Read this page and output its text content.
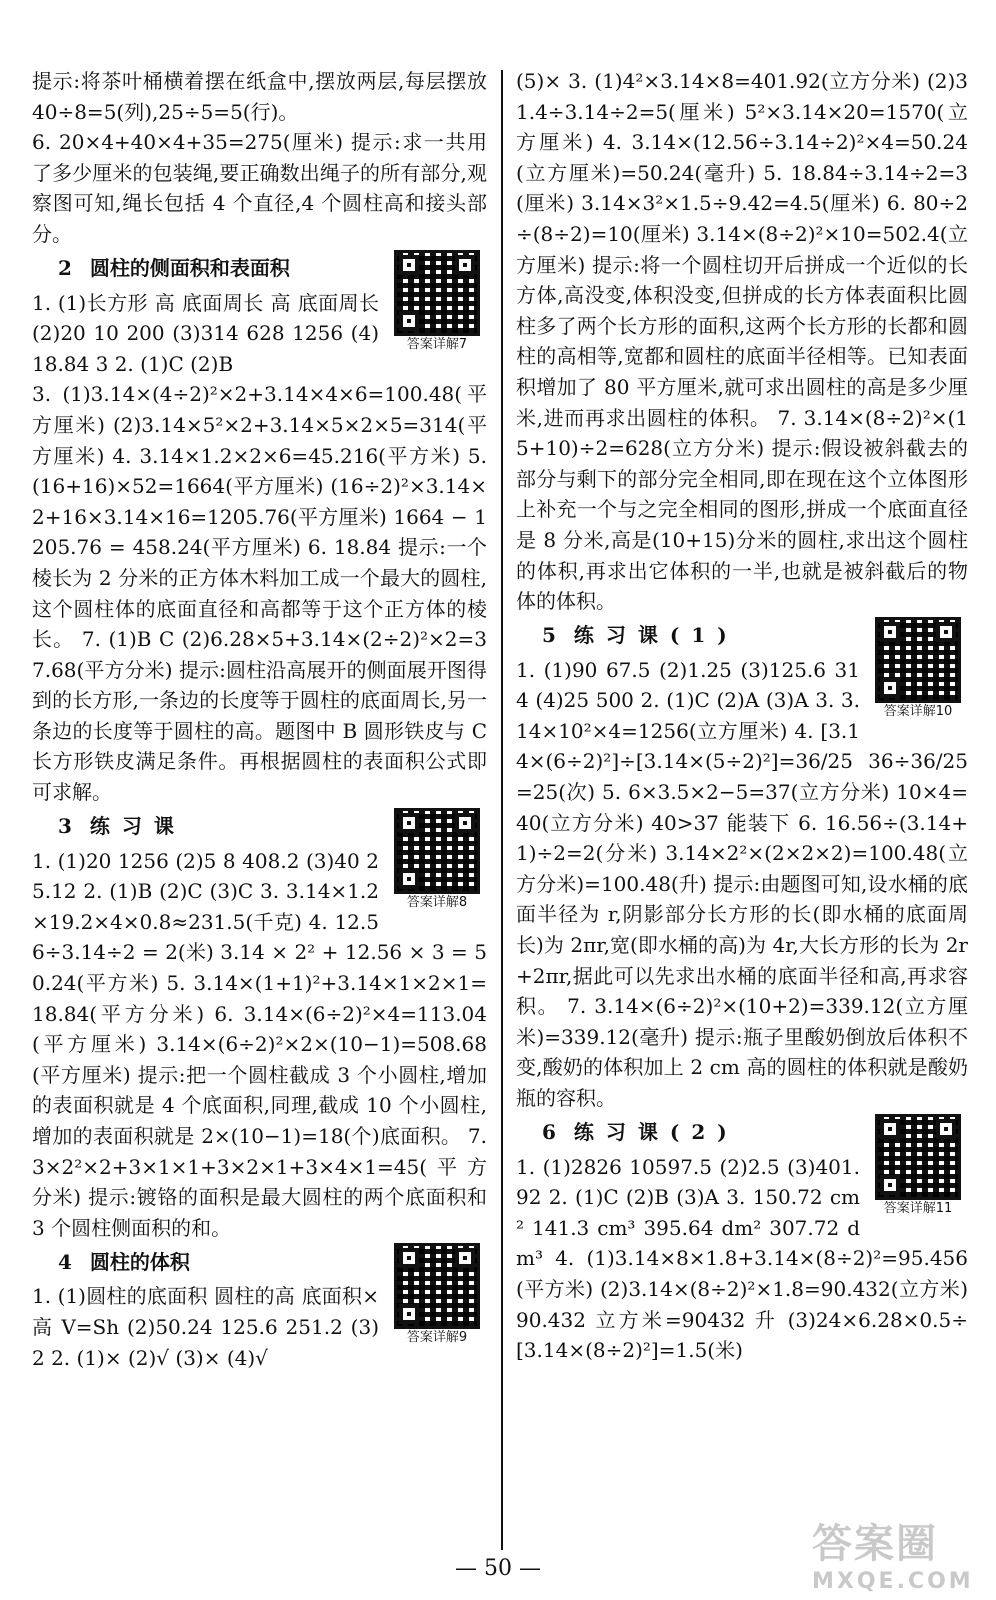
提示:将茶叶桶横着摆在纸盒中,摆放两层,每层摆放 40÷8=5(列),25÷5=5(行)。

6. 20×4+40×4+35=275(厘米) 提示:求一共用了多少厘米的包装绳,要正确数出绳子的所有部分,观察图可知,绳长包括 4 个直径,4 个圆柱高和接头部分。

答案详解7
2 圆柱的侧面积和表面积

1. (1)长方形 高 底面周长 高 底面周长 (2)20 10 200 (3)314 628 1256 (4)18.84 3 2. (1)C (2)B

3. (1)3.14×(4÷2)²×2+3.14×4×6=100.48(平方厘米) (2)3.14×5²×2+3.14×5×2×5=314(平方厘米) 4. 3.14×1.2×2×6=45.216(平方米) 5. (16+16)×52=1664(平方厘米) (16÷2)²×3.14×2+16×3.14×16=1205.76(平方厘米) 1664 − 1205.76 = 458.24(平方厘米) 6. 18.84 提示:一个棱长为 2 分米的正方体木料加工成一个最大的圆柱,这个圆柱体的底面直径和高都等于这个正方体的棱长。 7. (1)B C (2)6.28×5+3.14×(2÷2)²×2=37.68(平方分米) 提示:圆柱沿高展开的侧面展开图得到的长方形,一条边的长度等于圆柱的底面周长,另一条边的长度等于圆柱的高。题图中 B 圆形铁皮与 C 长方形铁皮满足条件。再根据圆柱的表面积公式即可求解。

答案详解8
3 练习课

1. (1)20 1256 (2)5 8 408.2 (3)40 25.12 2. (1)B (2)C (3)C 3. 3.14×1.2×19.2×4×0.8≈231.5(千克) 4. 12.56÷3.14÷2 = 2(米) 3.14 × 2² + 12.56 × 3 = 50.24(平方米) 5. 3.14×(1+1)²+3.14×1×2×1=18.84(平方分米) 6. 3.14×(6÷2)²×4=113.04(平方厘米) 3.14×(6÷2)²×2×(10−1)=508.68(平方厘米) 提示:把一个圆柱截成 3 个小圆柱,增加的表面积就是 4 个底面积,同理,截成 10 个小圆柱,增加的表面积就是 2×(10−1)=18(个)底面积。 7. 3×2²×2+3×1×1+3×2×1+3×4×1=45(平方分米) 提示:镀铬的面积是最大圆柱的两个底面积和 3 个圆柱侧面积的和。

答案详解9
4 圆柱的体积

1. (1)圆柱的底面积 圆柱的高 底面积×高 V=Sh (2)50.24 125.6 251.2 (3)2 2. (1)× (2)√ (3)× (4)√

(5)× 3. (1)4²×3.14×8=401.92(立方分米) (2)31.4÷3.14÷2=5(厘米) 5²×3.14×20=1570(立方厘米) 4. 3.14×(12.56÷3.14÷2)²×4=50.24(立方厘米)=50.24(毫升) 5. 18.84÷3.14÷2=3(厘米) 3.14×3²×1.5÷9.42=4.5(厘米) 6. 80÷2÷(8÷2)=10(厘米) 3.14×(8÷2)²×10=502.4(立方厘米) 提示:将一个圆柱切开后拼成一个近似的长方体,高没变,体积没变,但拼成的长方体表面积比圆柱多了两个长方形的面积,这两个长方形的长都和圆柱的高相等,宽都和圆柱的底面半径相等。已知表面积增加了 80 平方厘米,就可求出圆柱的高是多少厘米,进而再求出圆柱的体积。 7. 3.14×(8÷2)²×(15+10)÷2=628(立方分米) 提示:假设被斜截去的部分与剩下的部分完全相同,即在现在这个立体图形上补充一个与之完全相同的图形,拼成一个底面直径是 8 分米,高是(10+15)分米的圆柱,求出这个圆柱的体积,再求出它体积的一半,也就是被斜截后的物体的体积。

答案详解10
5 练习课(1)

1. (1)90 67.5 (2)1.25 (3)125.6 314 (4)25 500 2. (1)C (2)A (3)A 3. 3.14×10²×4=1256(立方厘米) 4. [3.14×(6÷2)²]÷[3.14×(5÷2)²]=36/25 36÷36/25=25(次) 5. 6×3.5×2−5=37(立方分米) 10×4=40(立方分米) 40>37 能装下 6. 16.56÷(3.14+1)÷2=2(分米) 3.14×2²×(2×2×2)=100.48(立方分米)=100.48(升) 提示:由题图可知,设水桶的底面半径为 r,阴影部分长方形的长(即水桶的底面周长)为 2πr,宽(即水桶的高)为 4r,大长方形的长为 2r+2πr,据此可以先求出水桶的底面半径和高,再求容积。 7. 3.14×(6÷2)²×(10+2)=339.12(立方厘米)=339.12(毫升) 提示:瓶子里酸奶倒放后体积不变,酸奶的体积加上 2 cm 高的圆柱的体积就是酸奶瓶的容积。

答案详解11
6 练习课(2)

1. (1)2826 10597.5 (2)2.5 (3)401.92 2. (1)C (2)B (3)A 3. 150.72 cm² 141.3 cm³ 395.64 dm² 307.72 dm³ 4. (1)3.14×8×1.8+3.14×(8÷2)²=95.456(平方米) (2)3.14×(8÷2)²×1.8=90.432(立方米) 90.432 立方米=90432 升 (3)24×6.28×0.5÷[3.14×(8÷2)²]=1.5(米)

— 50 —
答案圈
MXQE.COM
